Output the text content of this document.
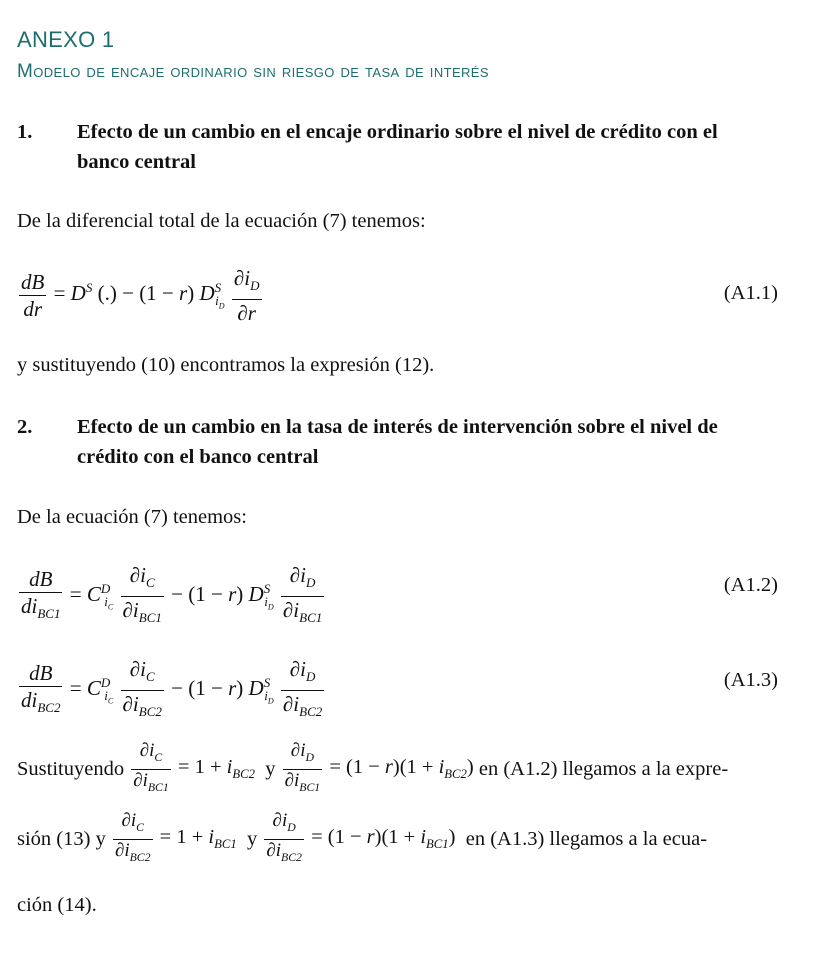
ANEXO 1
Modelo de encaje ordinario sin riesgo de tasa de interés
1. Efecto de un cambio en el encaje ordinario sobre el nivel de crédito con el
banco central
De la diferencial total de la ecuación (7) tenemos:
$\frac{dB}{dr} = D^S$ (.) − (1 − r) $D^S_{i_D} \frac{\partial i_D}{\partial r}$	(A1.1)
y sustituyendo (10) encontramos la expresión (12).
2. Efecto de un cambio en la tasa de interés de intervención sobre el nivel de
crédito con el banco central
De la ecuación (7) tenemos:
$\frac{dB}{di_{BC1}} = C^D_{i_C} \frac{\partial i_C}{\partial i_{BC1}} - (1 - r)$ $D^S_{i_D} \frac{\partial i_D}{\partial i_{BC1}}$	(A1.2)
$\frac{dB}{di_{BC2}} = C^D_{i_C} \frac{\partial i_C}{\partial i_{BC2}} - (1 - r)$ $D^S_{i_D} \frac{\partial i_D}{\partial i_{BC2}}$	(A1.3)
Sustituyendo
$\frac{\partial i_C}{\partial i_{BC1}} = 1 + i_{BC2}$ y
$\frac{\partial i_D}{\partial i_{BC1}} = (1 - r)(1 + i_{BC2})$ en (A1.2) llegamos a la expre-
sión (13) y
$\frac{\partial i_C}{\partial i_{BC2}} = 1 + i_{BC1}$ y
$\frac{\partial i_D}{\partial i_{BC2}} = (1 - r)(1 + i_{BC1})$ en (A1.3) llegamos a la ecua-
ción (14).
